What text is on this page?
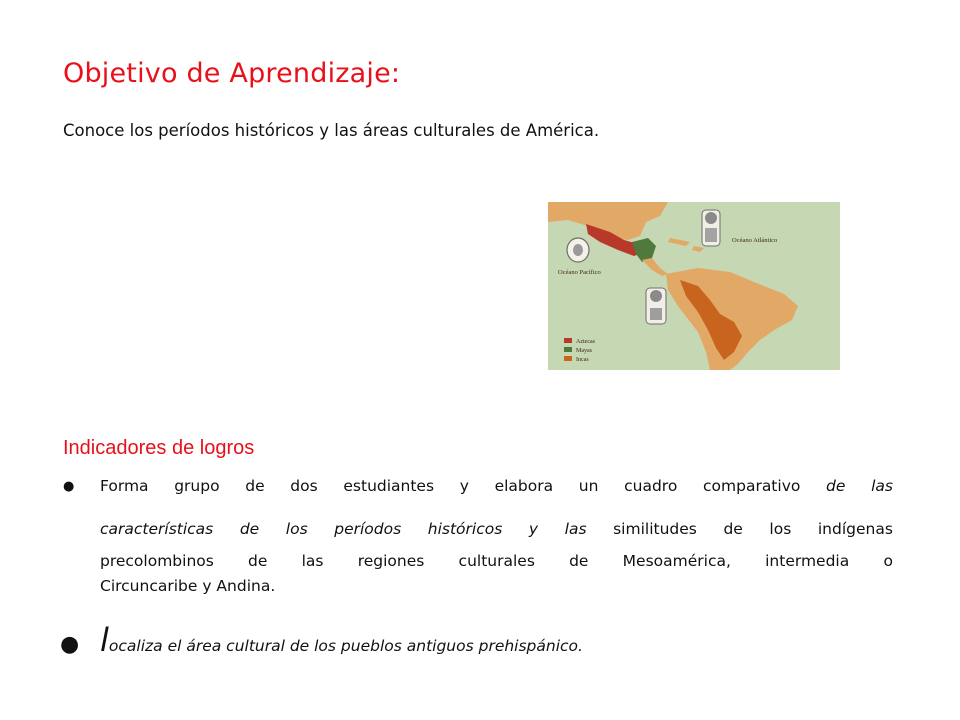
Objetivo de Aprendizaje:

Conoce los períodos históricos y las áreas culturales de América.

Océano Atlántico
Océano Pacífico
Aztecas
Mayas
Incas
Indicadores de logros
●	Forma grupo de dos estudiantes y elabora un cuadro comparativo de las
características de los períodos históricos y las similitudes de los indígenas
precolombinos de las regiones culturales de Mesoamérica, intermedia o
Circuncaribe y Andina.
● l ocaliza el área cultural de los pueblos antiguos prehispánico.
